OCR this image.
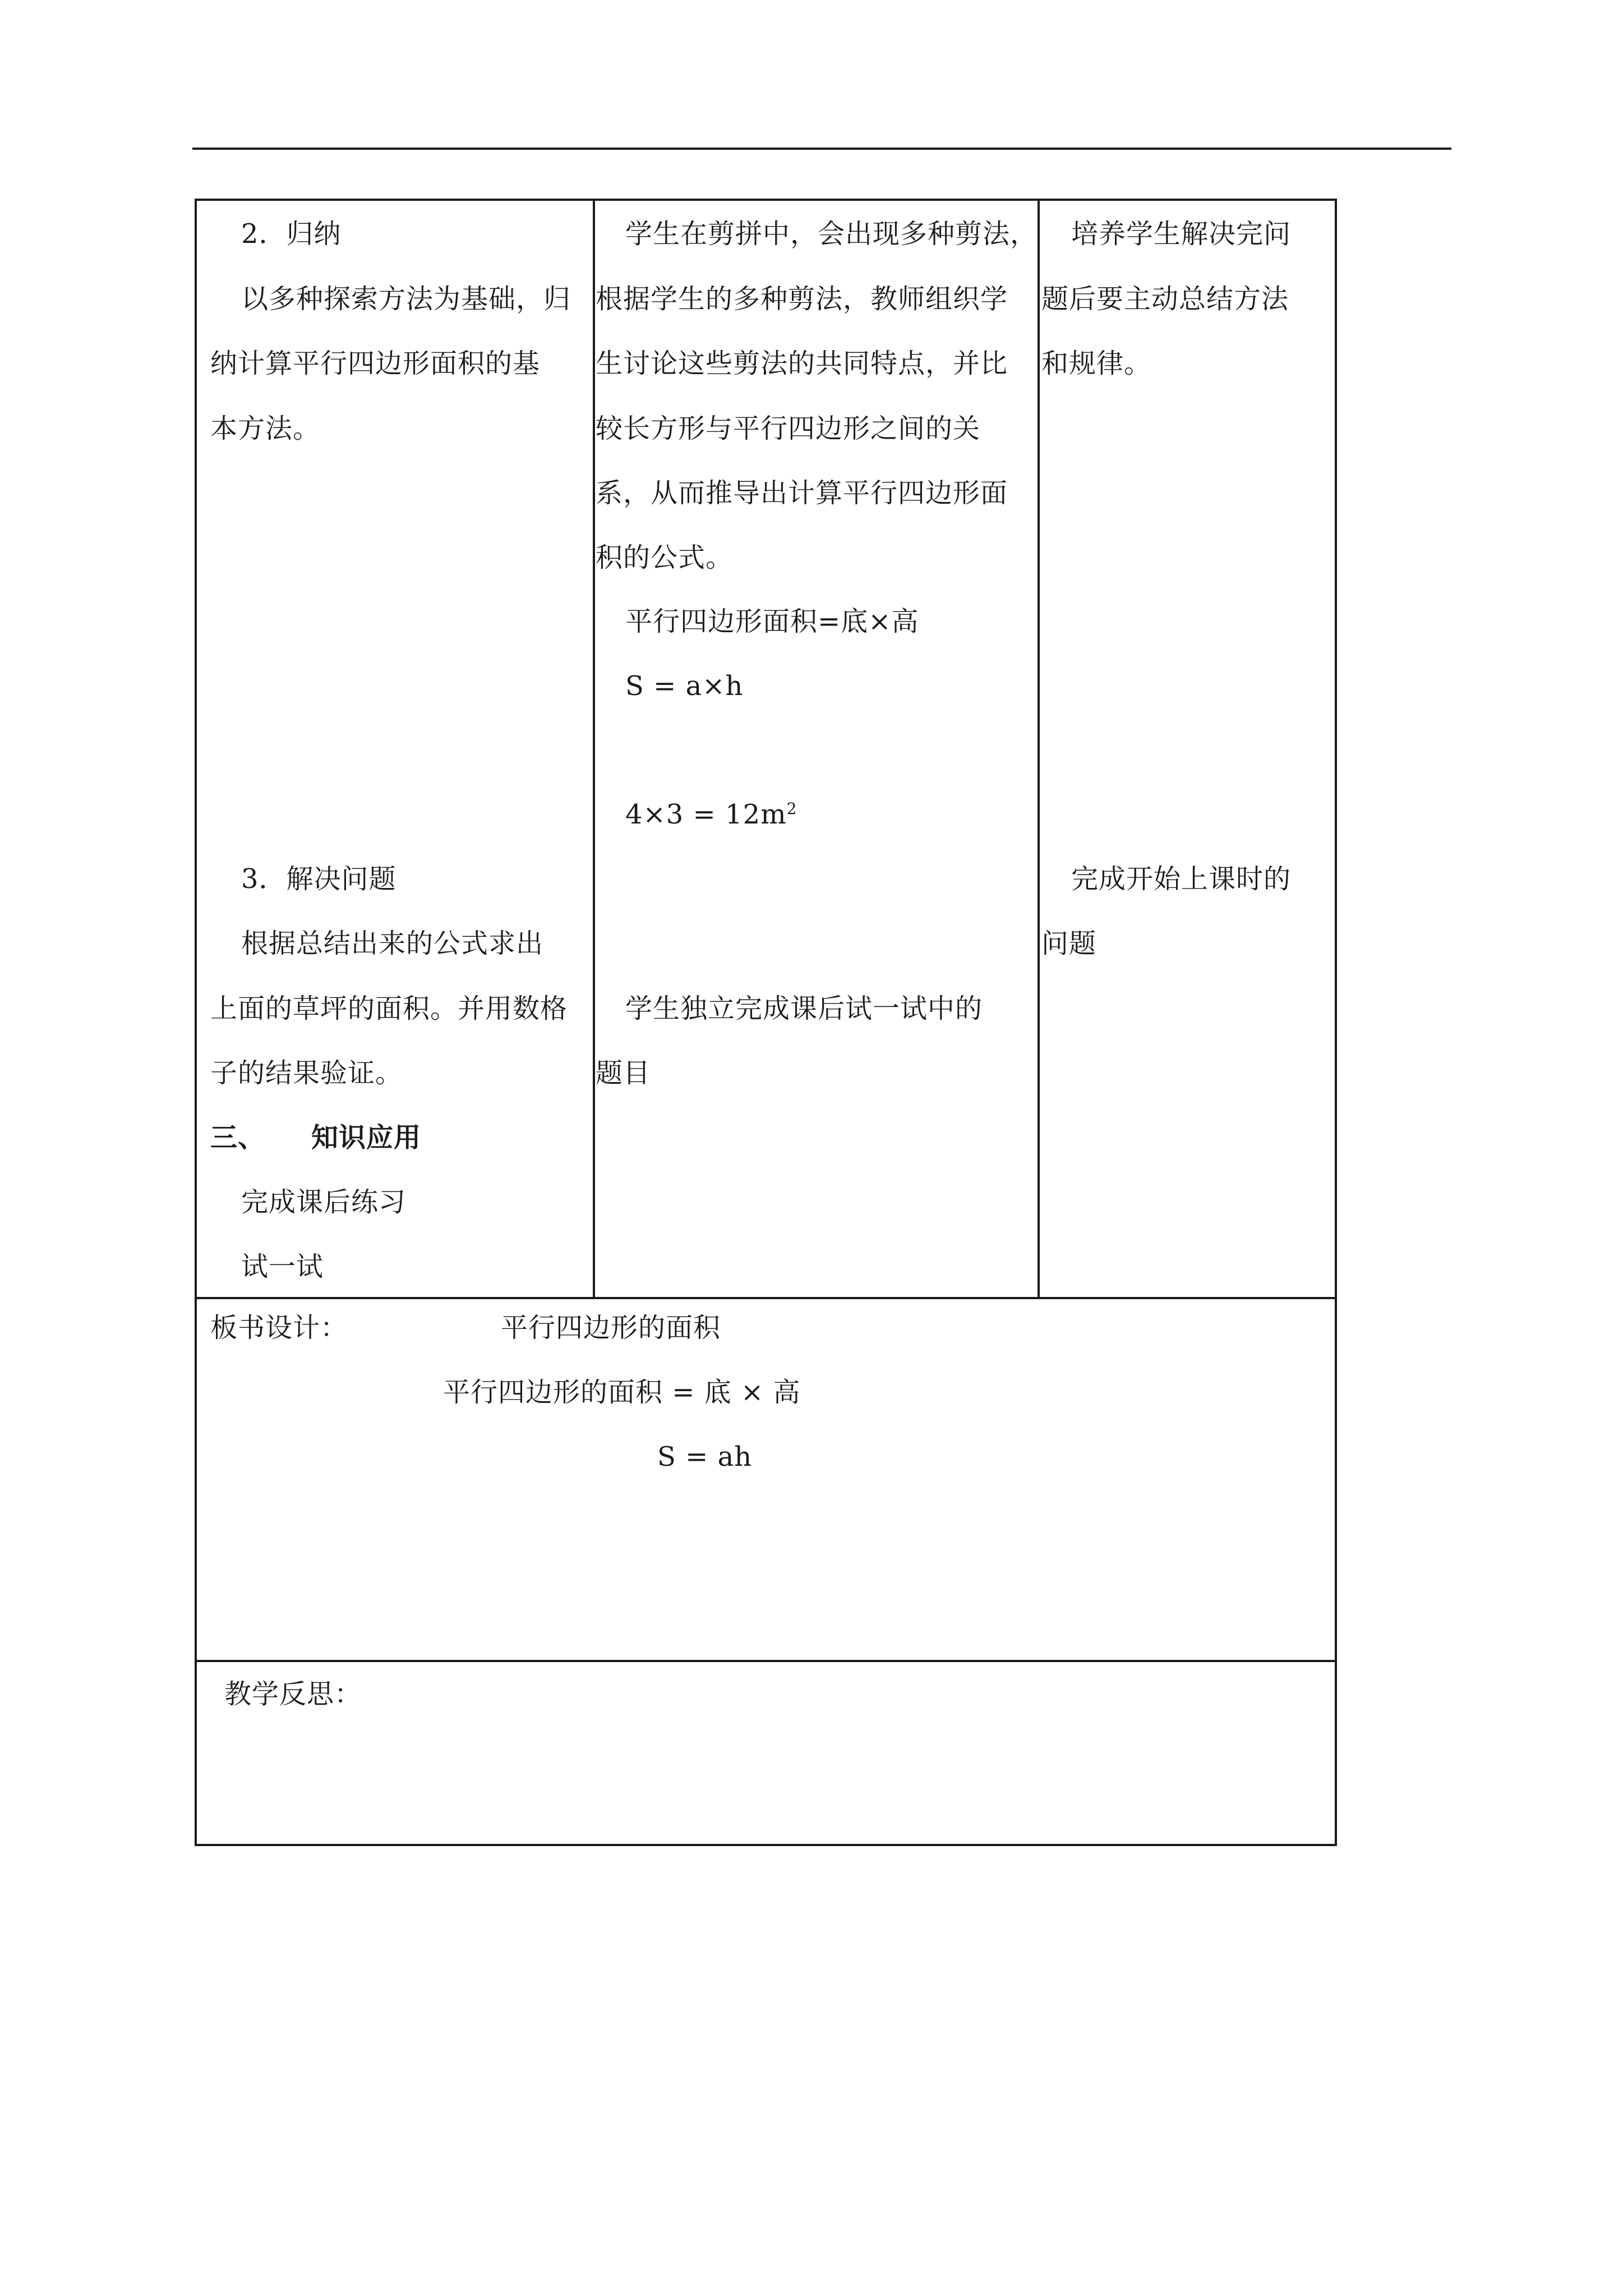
2．归纳
以多种探索方法为基础，归
纳计算平行四边形面积的基
本方法。
3．解决问题
根据总结出来的公式求出
上面的草坪的面积。并用数格
子的结果验证。
三、 知识应用
完成课后练习
试一试
学生在剪拼中，会出现多种剪法，
根据学生的多种剪法，教师组织学
生讨论这些剪法的共同特点，并比
较长方形与平行四边形之间的关
系，从而推导出计算平行四边形面
积的公式。
平行四边形面积=底×高
S = a×h
$4\times 3 = 12m^2$
学生独立完成课后试一试中的
题目
培养学生解决完问
题后要主动总结方法
和规律。
完成开始上课时的
问题
板书设计：	平行四边形的面积
平行四边形的面积 = 底 × 高
S = ah
教学反思：
